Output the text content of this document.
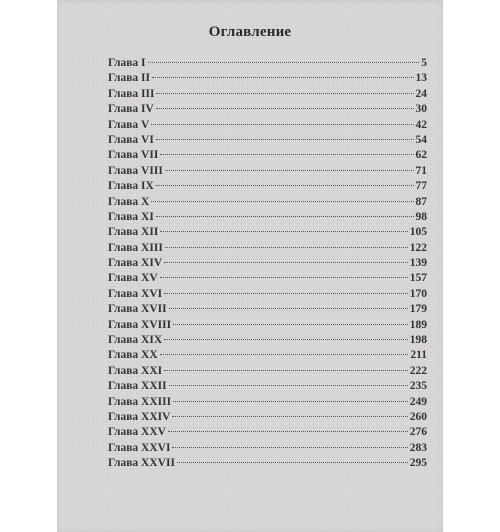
Оглавление
Глава I	5
Глава II	13
Глава III	24
Глава IV	30
Глава V	42
Глава VI	54
Глава VII	62
Глава VIII	71
Глава IX	77
Глава X	87
Глава XI	98
Глава XII	105
Глава XIII	122
Глава XIV	139
Глава XV	157
Глава XVI	170
Глава XVII	179
Глава XVIII	189
Глава XIX	198
Глава XX	211
Глава XXI	222
Глава XXII	235
Глава XXIII	249
Глава XXIV	260
Глава XXV	276
Глава XXVI	283
Глава XXVII	295
